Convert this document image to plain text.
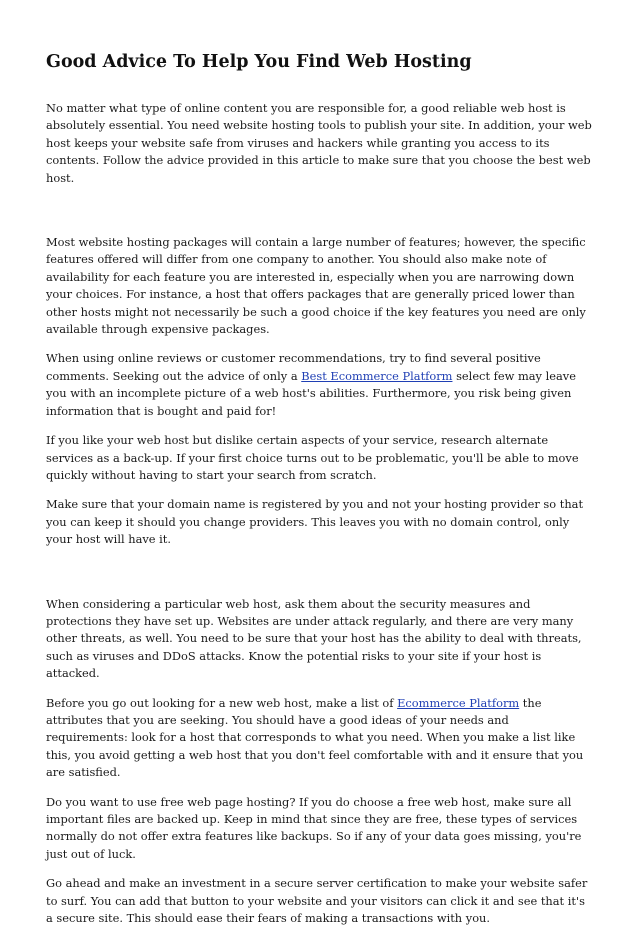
Good Advice To Help You Find Web Hosting

No matter what type of online content you are responsible for, a good reliable web host is absolutely essential. You need website hosting tools to publish your site. In addition, your web host keeps your website safe from viruses and hackers while granting you access to its contents. Follow the advice provided in this article to make sure that you choose the best web host.

Most website hosting packages will contain a large number of features; however, the specific features offered will differ from one company to another. You should also make note of availability for each feature you are interested in, especially when you are narrowing down your choices. For instance, a host that offers packages that are generally priced lower than other hosts might not necessarily be such a good choice if the key features you need are only available through expensive packages.

When using online reviews or customer recommendations, try to find several positive comments. Seeking out the advice of only a Best Ecommerce Platform select few may leave you with an incomplete picture of a web host's abilities. Furthermore, you risk being given information that is bought and paid for!

If you like your web host but dislike certain aspects of your service, research alternate services as a back-up. If your first choice turns out to be problematic, you'll be able to move quickly without having to start your search from scratch.

Make sure that your domain name is registered by you and not your hosting provider so that you can keep it should you change providers. This leaves you with no domain control, only your host will have it.

When considering a particular web host, ask them about the security measures and protections they have set up. Websites are under attack regularly, and there are very many other threats, as well. You need to be sure that your host has the ability to deal with threats, such as viruses and DDoS attacks. Know the potential risks to your site if your host is attacked.

Before you go out looking for a new web host, make a list of Ecommerce Platform the attributes that you are seeking. You should have a good ideas of your needs and requirements: look for a host that corresponds to what you need. When you make a list like this, you avoid getting a web host that you don't feel comfortable with and it ensure that you are satisfied.

Do you want to use free web page hosting? If you do choose a free web host, make sure all important files are backed up. Keep in mind that since they are free, these types of services normally do not offer extra features like backups. So if any of your data goes missing, you're just out of luck.

Go ahead and make an investment in a secure server certification to make your website safer to surf. You can add that button to your website and your visitors can click it and see that it's a secure site. This should ease their fears of making a transactions with you.
